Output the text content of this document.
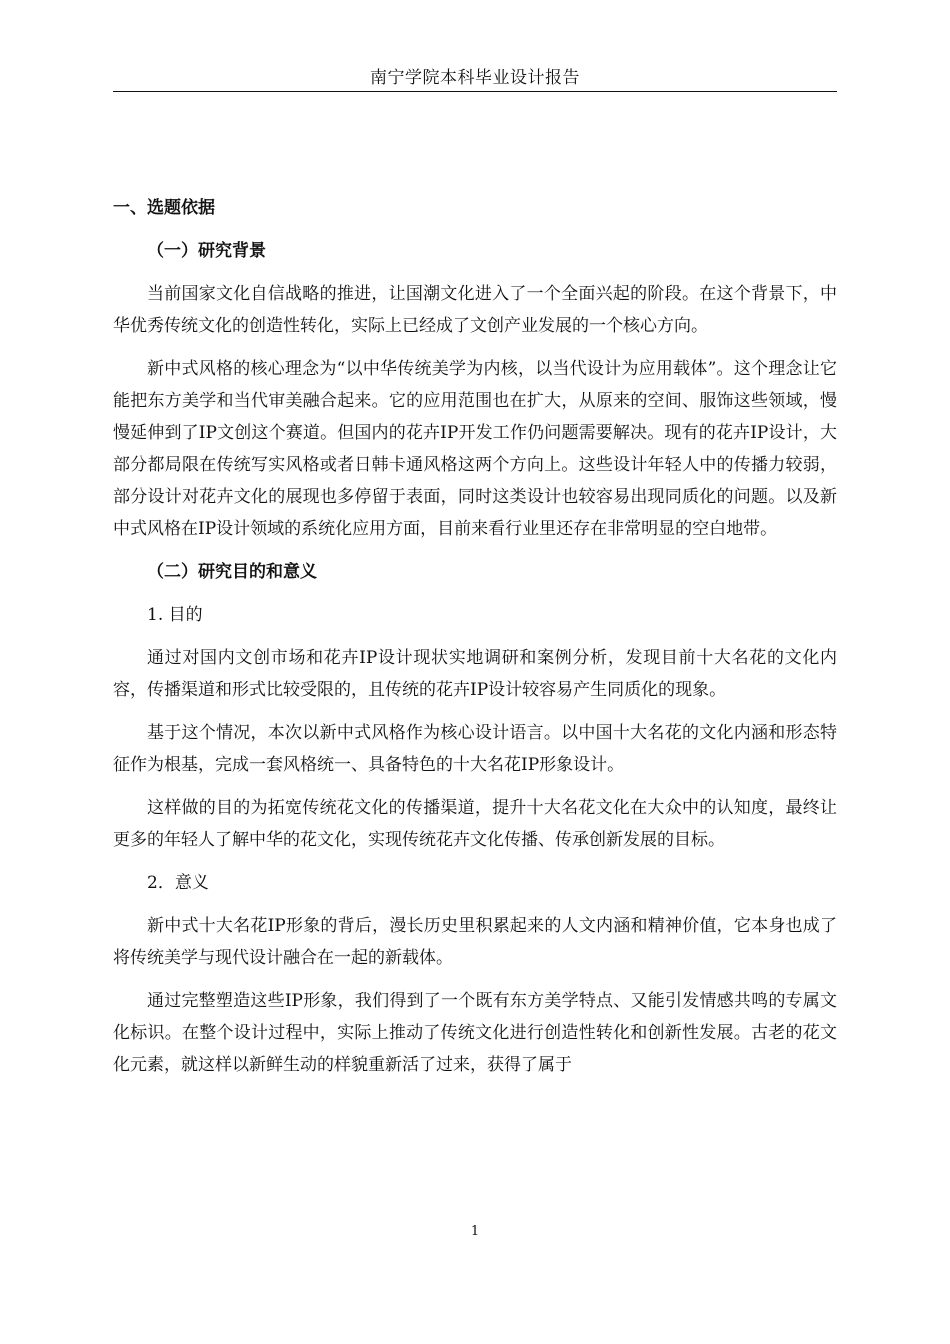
南宁学院本科毕业设计报告
一、选题依据
（一）研究背景

当前国家文化自信战略的推进，让国潮文化进入了一个全面兴起的阶段。在这个背景下，中华优秀传统文化的创造性转化，实际上已经成了文创产业发展的一个核心方向。

新中式风格的核心理念为“以中华传统美学为内核，以当代设计为应用载体”。这个理念让它能把东方美学和当代审美融合起来。它的应用范围也在扩大，从原来的空间、服饰这些领域，慢慢延伸到了IP文创这个赛道。但国内的花卉IP开发工作仍问题需要解决。现有的花卉IP设计，大部分都局限在传统写实风格或者日韩卡通风格这两个方向上。这些设计年轻人中的传播力较弱，部分设计对花卉文化的展现也多停留于表面，同时这类设计也较容易出现同质化的问题。以及新中式风格在IP设计领域的系统化应用方面，目前来看行业里还存在非常明显的空白地带。

（二）研究目的和意义
1. 目的

通过对国内文创市场和花卉IP设计现状实地调研和案例分析，发现目前十大名花的文化内容，传播渠道和形式比较受限的，且传统的花卉IP设计较容易产生同质化的现象。

基于这个情况，本次以新中式风格作为核心设计语言。以中国十大名花的文化内涵和形态特征作为根基，完成一套风格统一、具备特色的十大名花IP形象设计。

这样做的目的为拓宽传统花文化的传播渠道，提升十大名花文化在大众中的认知度，最终让更多的年轻人了解中华的花文化，实现传统花卉文化传播、传承创新发展的目标。

2．意义

新中式十大名花IP形象的背后，漫长历史里积累起来的人文内涵和精神价值，它本身也成了将传统美学与现代设计融合在一起的新载体。

通过完整塑造这些IP形象，我们得到了一个既有东方美学特点、又能引发情感共鸣的专属文化标识。在整个设计过程中，实际上推动了传统文化进行创造性转化和创新性发展。古老的花文化元素，就这样以新鲜生动的样貌重新活了过来，获得了属于

1
